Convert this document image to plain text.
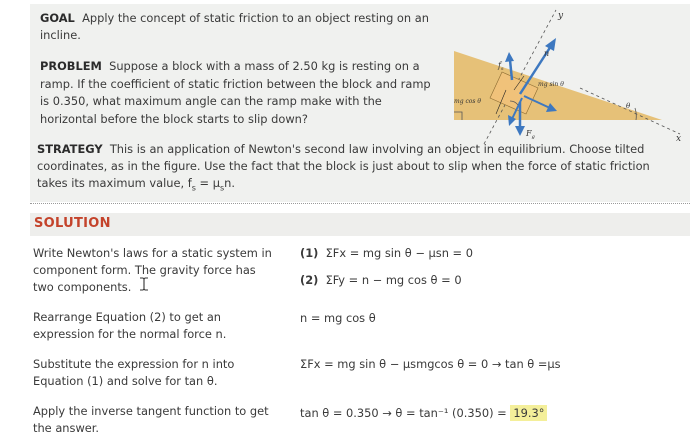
GOAL Apply the concept of static friction to an object resting on an incline.
PROBLEM Suppose a block with a mass of 2.50 kg is resting on a ramp. If the coefficient of static friction between the block and ramp is 0.350, what maximum angle can the ramp make with the horizontal before the block starts to slip down?
y
x
n
$f_s$
$F_g$
mg sin θ
mg cos θ
θ
STRATEGY This is an application of Newton's second law involving an object in equilibrium. Choose tilted coordinates, as in the figure. Use the fact that the block is just about to slip when the force of static friction takes its maximum value, $f_s = \mu_sn$.
SOLUTION
Write Newton's laws for a static system in component form. The gravity force has two components.
(1) ΣFx = mg sin θ − μsn = 0
(2) ΣFy = n − mg cos θ = 0
Rearrange Equation (2) to get an expression for the normal force n.
n = mg cos θ
Substitute the expression for n into Equation (1) and solve for tan θ.
ΣFx = mg sin θ − μsmgcos θ = 0 → tan θ =μs
Apply the inverse tangent function to get the answer.
tan θ = 0.350 → θ = tan⁻¹ (0.350) = 19.3°
